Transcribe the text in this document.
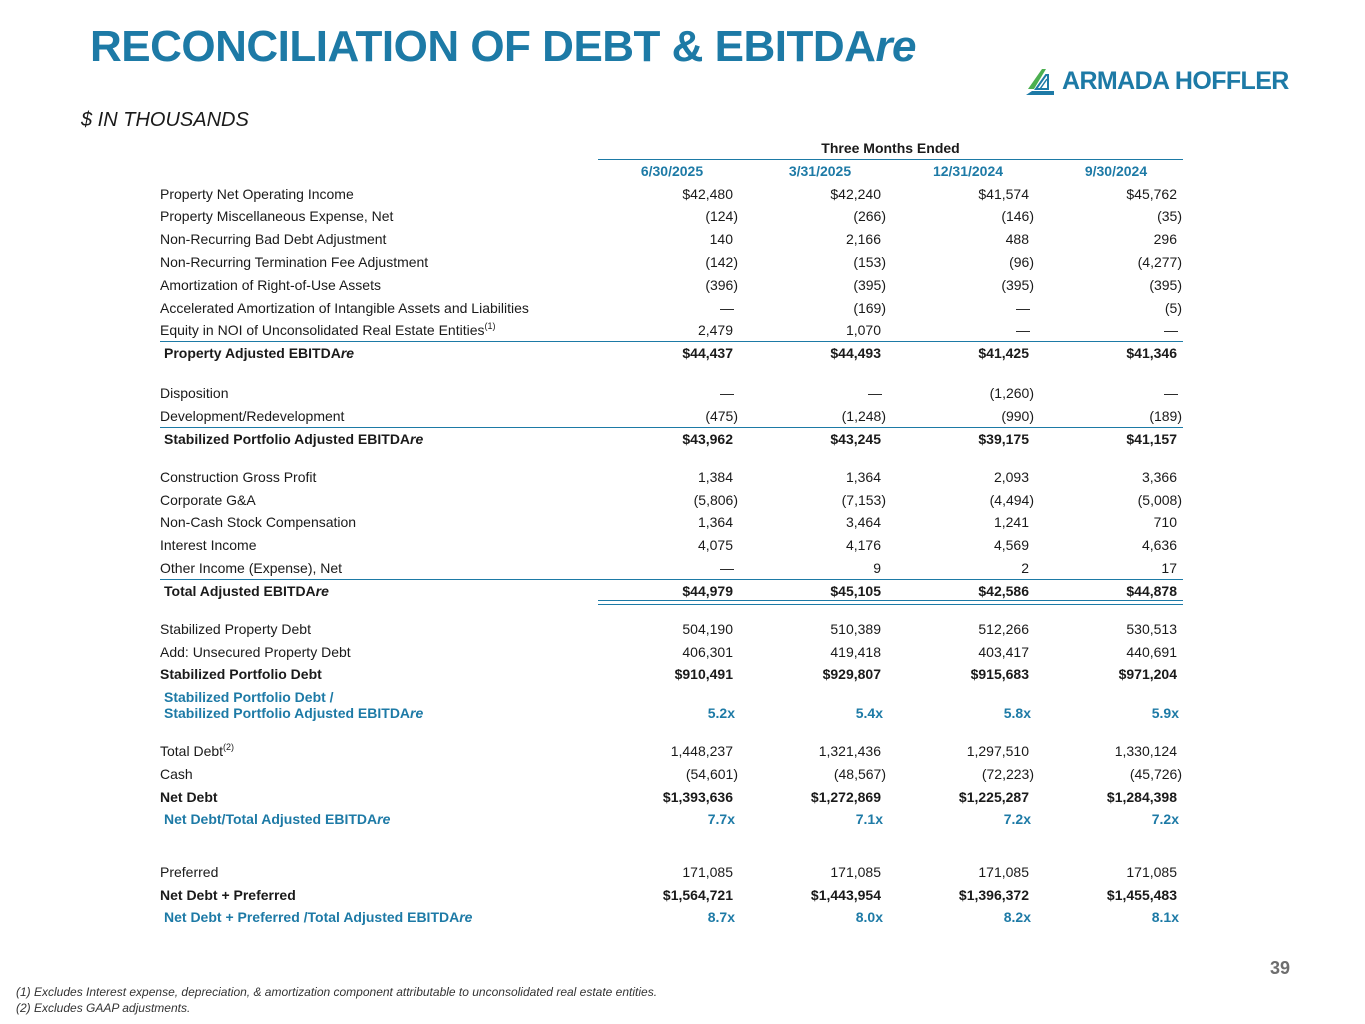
RECONCILIATION OF DEBT & EBITDAre
ARMADA HOFFLER
$ IN THOUSANDS
Three Months Ended
6/30/2025	3/31/2025	12/31/2024	9/30/2024
Property Net Operating Income	$42,480	$42,240	$41,574	$45,762
Property Miscellaneous Expense, Net	(124)	(266)	(146)	(35)
Non-Recurring Bad Debt Adjustment	140	2,166	488	296
Non-Recurring Termination Fee Adjustment	(142)	(153)	(96)	(4,277)
Amortization of Right-of-Use Assets	(396)	(395)	(395)	(395)
Accelerated Amortization of Intangible Assets and Liabilities	—	(169)	—	(5)
Equity in NOI of Unconsolidated Real Estate Entities$^{(1)}$	2,479	1,070	—	—
Property Adjusted EBITDAre	$44,437	$44,493	$41,425	$41,346
Disposition	—	—	(1,260)	—
Development/Redevelopment	(475)	(1,248)	(990)	(189)
Stabilized Portfolio Adjusted EBITDAre	$43,962	$43,245	$39,175	$41,157
Construction Gross Profit	1,384	1,364	2,093	3,366
Corporate G&A	(5,806)	(7,153)	(4,494)	(5,008)
Non-Cash Stock Compensation	1,364	3,464	1,241	710
Interest Income	4,075	4,176	4,569	4,636
Other Income (Expense), Net	—	9	2	17
Total Adjusted EBITDAre	$44,979	$45,105	$42,586	$44,878
Stabilized Property Debt	504,190	510,389	512,266	530,513
Add: Unsecured Property Debt	406,301	419,418	403,417	440,691
Stabilized Portfolio Debt	$910,491	$929,807	$915,683	$971,204
Stabilized Portfolio Debt /
Stabilized Portfolio Adjusted EBITDAre	5.2x	5.4x	5.8x	5.9x
Total Debt$^{(2)}$	1,448,237	1,321,436	1,297,510	1,330,124
Cash	(54,601)	(48,567)	(72,223)	(45,726)
Net Debt	$1,393,636	$1,272,869	$1,225,287	$1,284,398
Net Debt/Total Adjusted EBITDAre	7.7x	7.1x	7.2x	7.2x
Preferred	171,085	171,085	171,085	171,085
Net Debt + Preferred	$1,564,721	$1,443,954	$1,396,372	$1,455,483
Net Debt + Preferred /Total Adjusted EBITDAre	8.7x	8.0x	8.2x	8.1x
39
(1) Excludes Interest expense, depreciation, & amortization component attributable to unconsolidated real estate entities.
(2) Excludes GAAP adjustments.
